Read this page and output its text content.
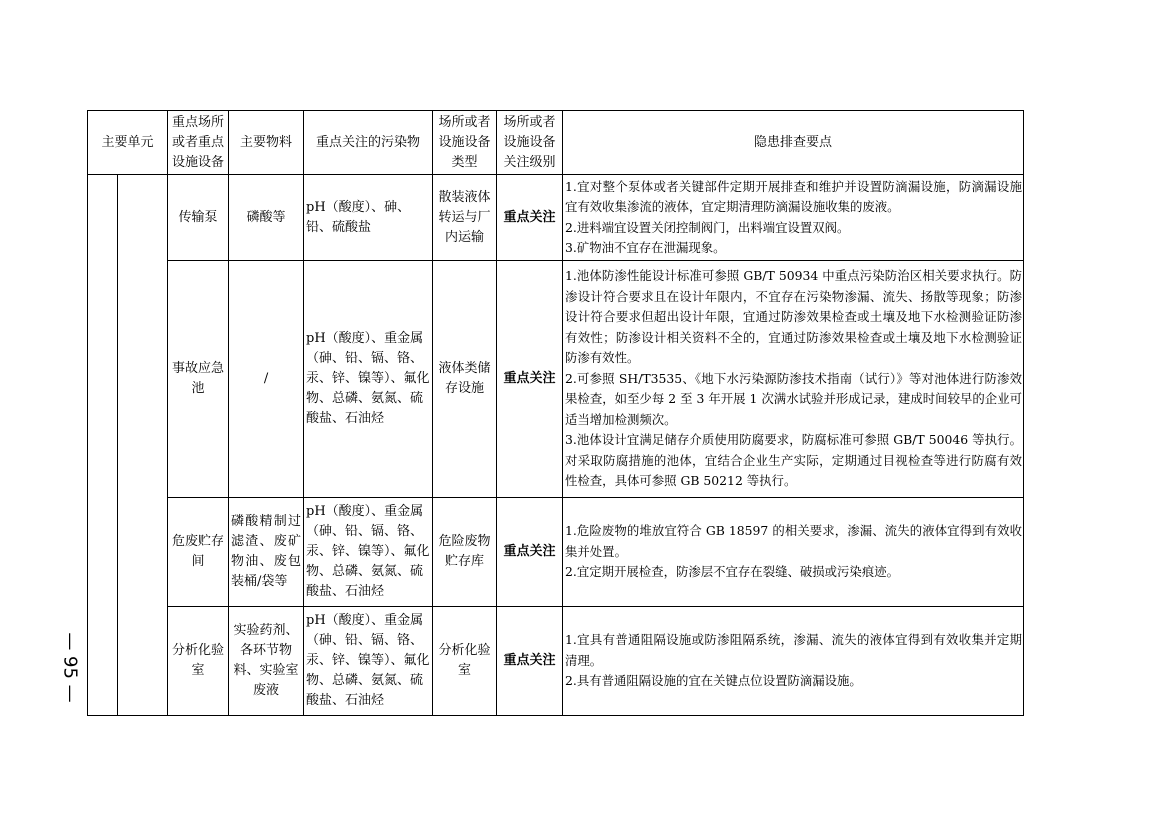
— 95 —
主要单元		重点场所或者重点设施设备	主要物料	重点关注的污染物	场所或者设施设备类型	场所或者设施设备关注级别	隐患排查要点
		传输泵	磷酸等	pH（酸度）、砷、铅、硫酸盐	散装液体转运与厂内运输	重点关注	1.宜对整个泵体或者关键部件定期开展排查和维护并设置防滴漏设施，防滴漏设施宜有效收集渗流的液体，宜定期清理防滴漏设施收集的废液。

2.进料端宜设置关闭控制阀门，出料端宜设置双阀。

3.矿物油不宜存在泄漏现象。

		事故应急池	/	pH（酸度）、重金属（砷、铅、镉、铬、汞、锌、镍等）、氟化物、总磷、氨氮、硫酸盐、石油烃	液体类储存设施	重点关注	1.池体防渗性能设计标准可参照 GB/T 50934 中重点污染防治区相关要求执行。防渗设计符合要求且在设计年限内，不宜存在污染物渗漏、流失、扬散等现象；防渗设计符合要求但超出设计年限，宜通过防渗效果检查或土壤及地下水检测验证防渗有效性；防渗设计相关资料不全的，宜通过防渗效果检查或土壤及地下水检测验证防渗有效性。

2.可参照 SH/T3535、《地下水污染源防渗技术指南（试行）》等对池体进行防渗效果检查，如至少每 2 至 3 年开展 1 次满水试验并形成记录，建成时间较早的企业可适当增加检测频次。

3.池体设计宜满足储存介质使用防腐要求，防腐标准可参照 GB/T 50046 等执行。对采取防腐措施的池体，宜结合企业生产实际，定期通过目视检查等进行防腐有效性检查，具体可参照 GB 50212 等执行。

		危废贮存间	磷酸精制过滤渣、废矿物油、废包装桶/袋等	pH（酸度）、重金属（砷、铅、镉、铬、汞、锌、镍等）、氟化物、总磷、氨氮、硫酸盐、石油烃	危险废物贮存库	重点关注	1.危险废物的堆放宜符合 GB 18597 的相关要求，渗漏、流失的液体宜得到有效收集并处置。

2.宜定期开展检查，防渗层不宜存在裂缝、破损或污染痕迹。

		分析化验室	实验药剂、各环节物料、实验室废液	pH（酸度）、重金属（砷、铅、镉、铬、汞、锌、镍等）、氟化物、总磷、氨氮、硫酸盐、石油烃	分析化验室	重点关注	1.宜具有普通阻隔设施或防渗阻隔系统，渗漏、流失的液体宜得到有效收集并定期清理。

2.具有普通阻隔设施的宜在关键点位设置防滴漏设施。
